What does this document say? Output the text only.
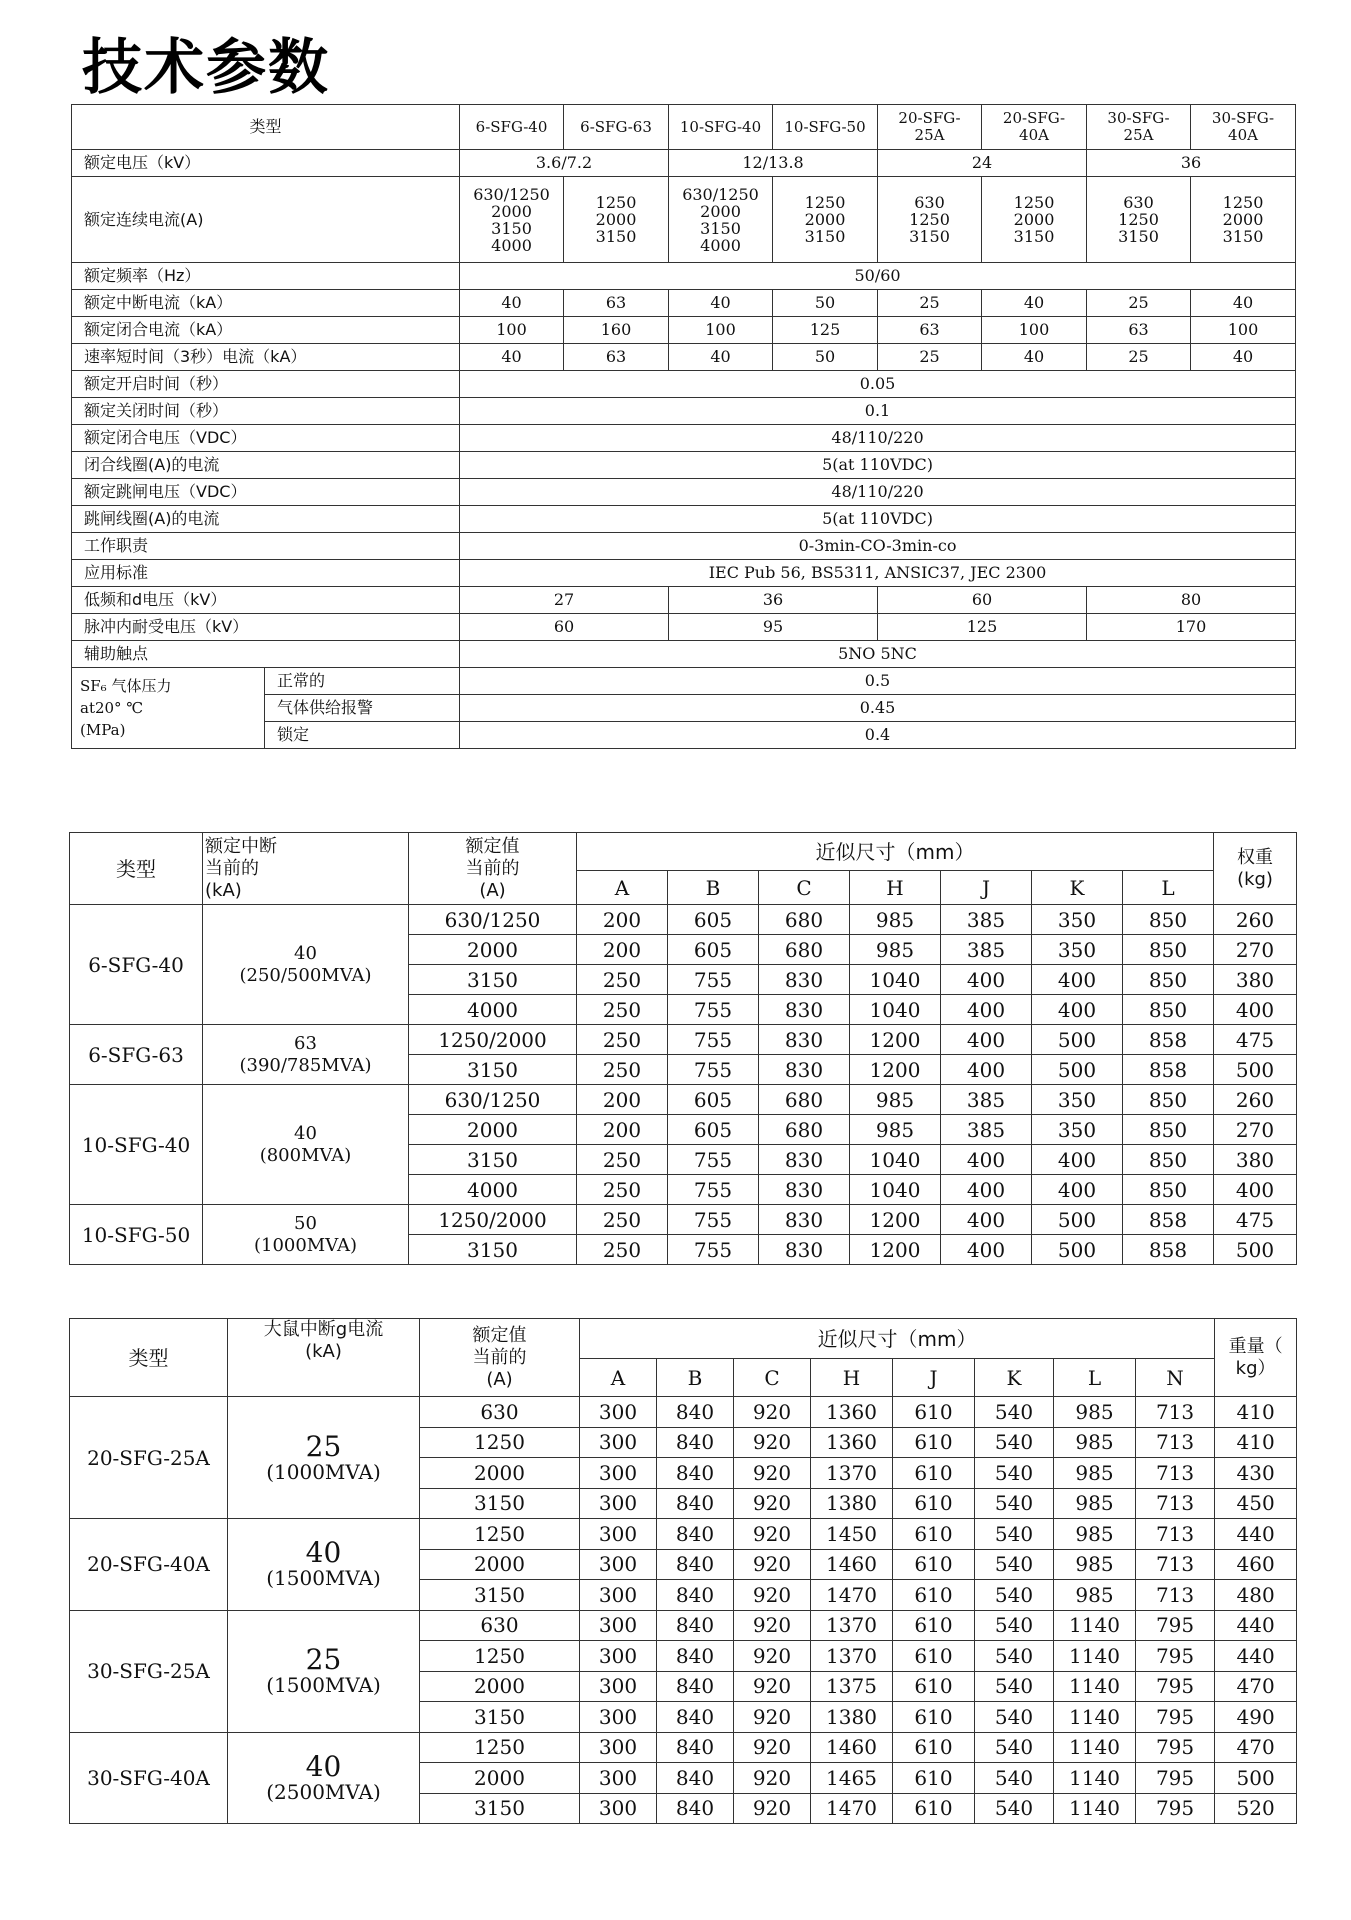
技术参数
类型		6-SFG-40	6-SFG-63	10-SFG-40	10-SFG-50	20-SFG-
25A	20-SFG-
40A	30-SFG-
25A	30-SFG-
40A
额定电压（kV）		3.6/7.2		12/13.8		24		36	
额定连续电流(A)		630/1250
2000
3150
4000	1250
2000
3150	630/1250
2000
3150
4000	1250
2000
3150	630
1250
3150	1250
2000
3150	630
1250
3150	1250
2000
3150
额定频率（Hz）		50/60							
额定中断电流（kA）		40	63	40	50	25	40	25	40
额定闭合电流（kA）		100	160	100	125	63	100	63	100
速率短时间（3秒）电流（kA）		40	63	40	50	25	40	25	40
额定开启时间（秒）		0.05							
额定关闭时间（秒）		0.1							
额定闭合电压（VDC）		48/110/220							
闭合线圈(A)的电流		5(at 110VDC)							
额定跳闸电压（VDC）		48/110/220							
跳闸线圈(A)的电流		5(at 110VDC)							
工作职责		0-3min-CO-3min-co							
应用标准		IEC Pub 56, BS5311, ANSIC37, JEC 2300							
低频和d电压（kV）		27		36		60		80	
脉冲内耐受电压（kV）		60		95		125		170	
辅助触点		5NO 5NC							
SF₆ 气体压力
at20° ℃
(MPa)	正常的	0.5							
	气体供给报警	0.45							
	锁定	0.4							
类型	额定中断
当前的
(kA)	额定值
当前的
(A)	近似尺寸（mm）							权重
(kg)
			A	B	C	H	J	K	L	
6-SFG-40	40
(250/500MVA)	630/1250	200	605	680	985	385	350	850	260
		2000	200	605	680	985	385	350	850	270
		3150	250	755	830	1040	400	400	850	380
		4000	250	755	830	1040	400	400	850	400
6-SFG-63	63
(390/785MVA)	1250/2000	250	755	830	1200	400	500	858	475
		3150	250	755	830	1200	400	500	858	500
10-SFG-40	40
(800MVA)	630/1250	200	605	680	985	385	350	850	260
		2000	200	605	680	985	385	350	850	270
		3150	250	755	830	1040	400	400	850	380
		4000	250	755	830	1040	400	400	850	400
10-SFG-50	50
(1000MVA)	1250/2000	250	755	830	1200	400	500	858	475
		3150	250	755	830	1200	400	500	858	500
类型	大鼠中断g电流
(kA)	额定值
当前的
(A)	近似尺寸（mm）								重量（
kg）
			A	B	C	H	J	K	L	N	
20-SFG-25A	25
(1000MVA)	630	300	840	920	1360	610	540	985	713	410
		1250	300	840	920	1360	610	540	985	713	410
		2000	300	840	920	1370	610	540	985	713	430
		3150	300	840	920	1380	610	540	985	713	450
20-SFG-40A	40
(1500MVA)	1250	300	840	920	1450	610	540	985	713	440
		2000	300	840	920	1460	610	540	985	713	460
		3150	300	840	920	1470	610	540	985	713	480
30-SFG-25A	25
(1500MVA)	630	300	840	920	1370	610	540	1140	795	440
		1250	300	840	920	1370	610	540	1140	795	440
		2000	300	840	920	1375	610	540	1140	795	470
		3150	300	840	920	1380	610	540	1140	795	490
30-SFG-40A	40
(2500MVA)	1250	300	840	920	1460	610	540	1140	795	470
		2000	300	840	920	1465	610	540	1140	795	500
		3150	300	840	920	1470	610	540	1140	795	520
